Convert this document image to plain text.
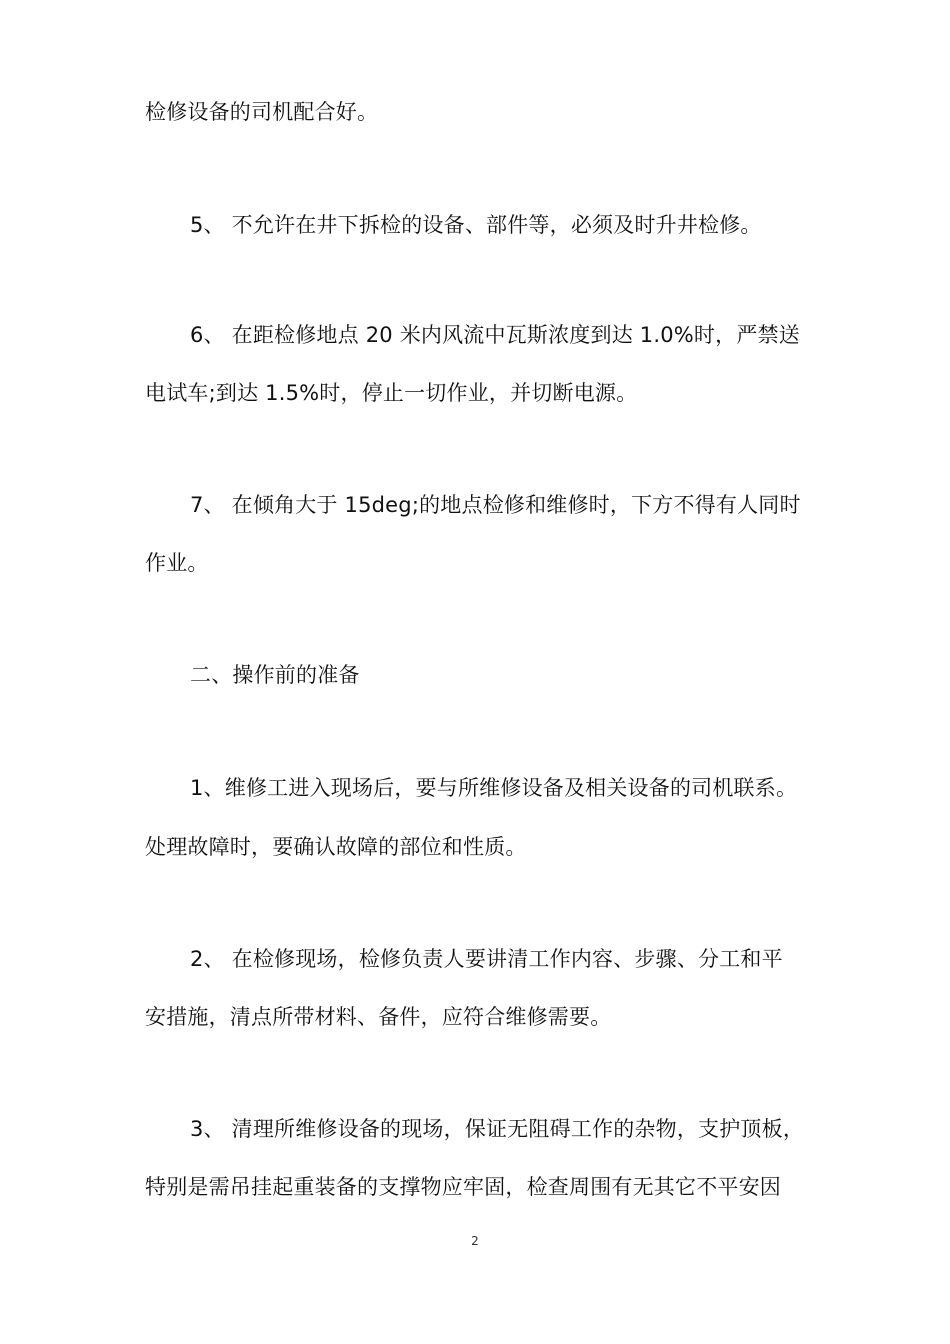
检修设备的司机配合好。
5、 不允许在井下拆检的设备、部件等，必须及时升井检修。
6、 在距检修地点 20 米内风流中瓦斯浓度到达 1.0%时，严禁送
电试车;到达 1.5%时，停止一切作业，并切断电源。
7、 在倾角大于 15deg;的地点检修和维修时，下方不得有人同时
作业。
二、操作前的准备
1、维修工进入现场后，要与所维修设备及相关设备的司机联系。
处理故障时，要确认故障的部位和性质。
2、 在检修现场，检修负责人要讲清工作内容、步骤、分工和平
安措施，清点所带材料、备件，应符合维修需要。
3、 清理所维修设备的现场，保证无阻碍工作的杂物，支护顶板，
特别是需吊挂起重装备的支撑物应牢固，检查周围有无其它不平安因
2
